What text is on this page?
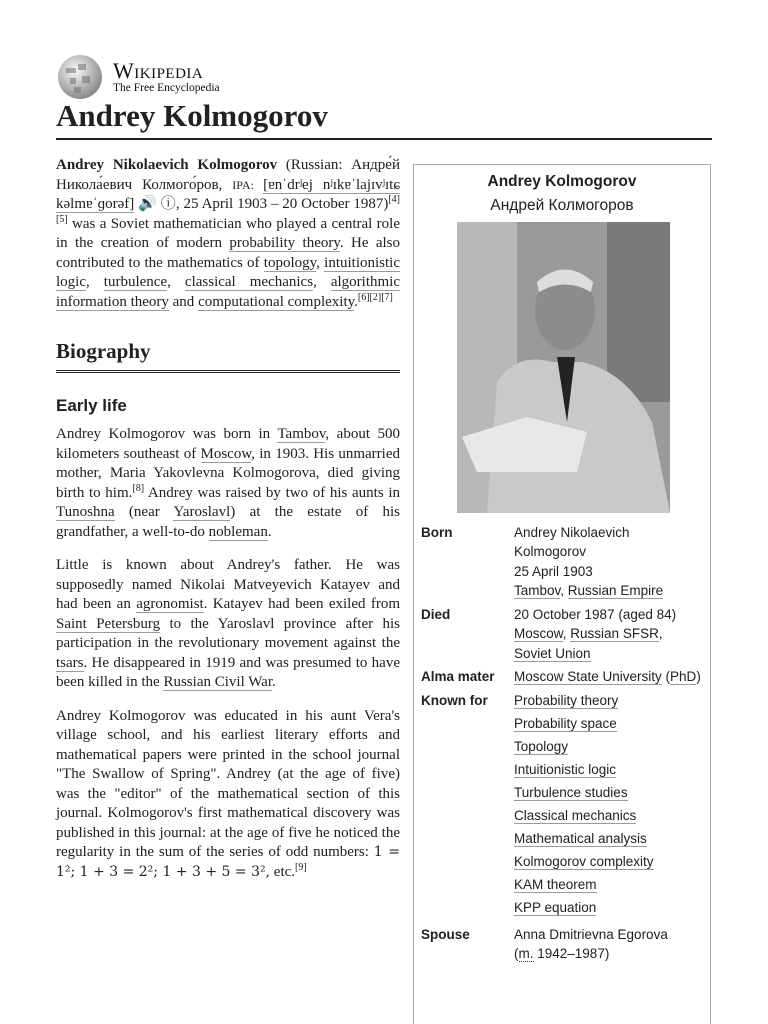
Wikipedia
The Free Encyclopedia
Andrey Kolmogorov

Andrey Nikolaevich Kolmogorov (Russian: Андре́й Никола́евич Колмого́ров, IPA: [ɐnˈdrʲej nʲɪkɐˈlajɪvʲɪtɕ kəlmɐˈɡorəf] 🔊 ⓘ, 25 April 1903 – 20 October 1987)[4][5] was a Soviet mathematician who played a central role in the creation of modern probability theory. He also contributed to the mathematics of topology, intuitionistic logic, turbulence, classical mechanics, algorithmic information theory and computational complexity.[6][2][7]

Biography
Early life

Andrey Kolmogorov was born in Tambov, about 500 kilometers southeast of Moscow, in 1903. His unmarried mother, Maria Yakovlevna Kolmogorova, died giving birth to him.[8] Andrey was raised by two of his aunts in Tunoshna (near Yaroslavl) at the estate of his grandfather, a well-to-do nobleman.

Little is known about Andrey's father. He was supposedly named Nikolai Matveyevich Katayev and had been an agronomist. Katayev had been exiled from Saint Petersburg to the Yaroslavl province after his participation in the revolutionary movement against the tsars. He disappeared in 1919 and was presumed to have been killed in the Russian Civil War.

Andrey Kolmogorov was educated in his aunt Vera's village school, and his earliest literary efforts and mathematical papers were printed in the school journal "The Swallow of Spring". Andrey (at the age of five) was the "editor" of the mathematical section of this journal. Kolmogorov's first mathematical discovery was published in this journal: at the age of five he noticed the regularity in the sum of the series of odd numbers: 1 = 1²; 1 + 3 = 2²; 1 + 3 + 5 = 3², etc.[9]

Andrey Kolmogorov
Андрей Колмогоров
Born	Andrey Nikolaevich
Kolmogorov
25 April 1903
Tambov, Russian Empire
Died	20 October 1987 (aged 84)
Moscow, Russian SFSR,
Soviet Union
Alma mater	Moscow State University (PhD)
Known for	Probability theory
Probability space
Topology
Intuitionistic logic
Turbulence studies
Classical mechanics
Mathematical analysis
Kolmogorov complexity
KAM theorem
KPP equation
Spouse	Anna Dmitrievna Egorova
(m. 1942–1987)
